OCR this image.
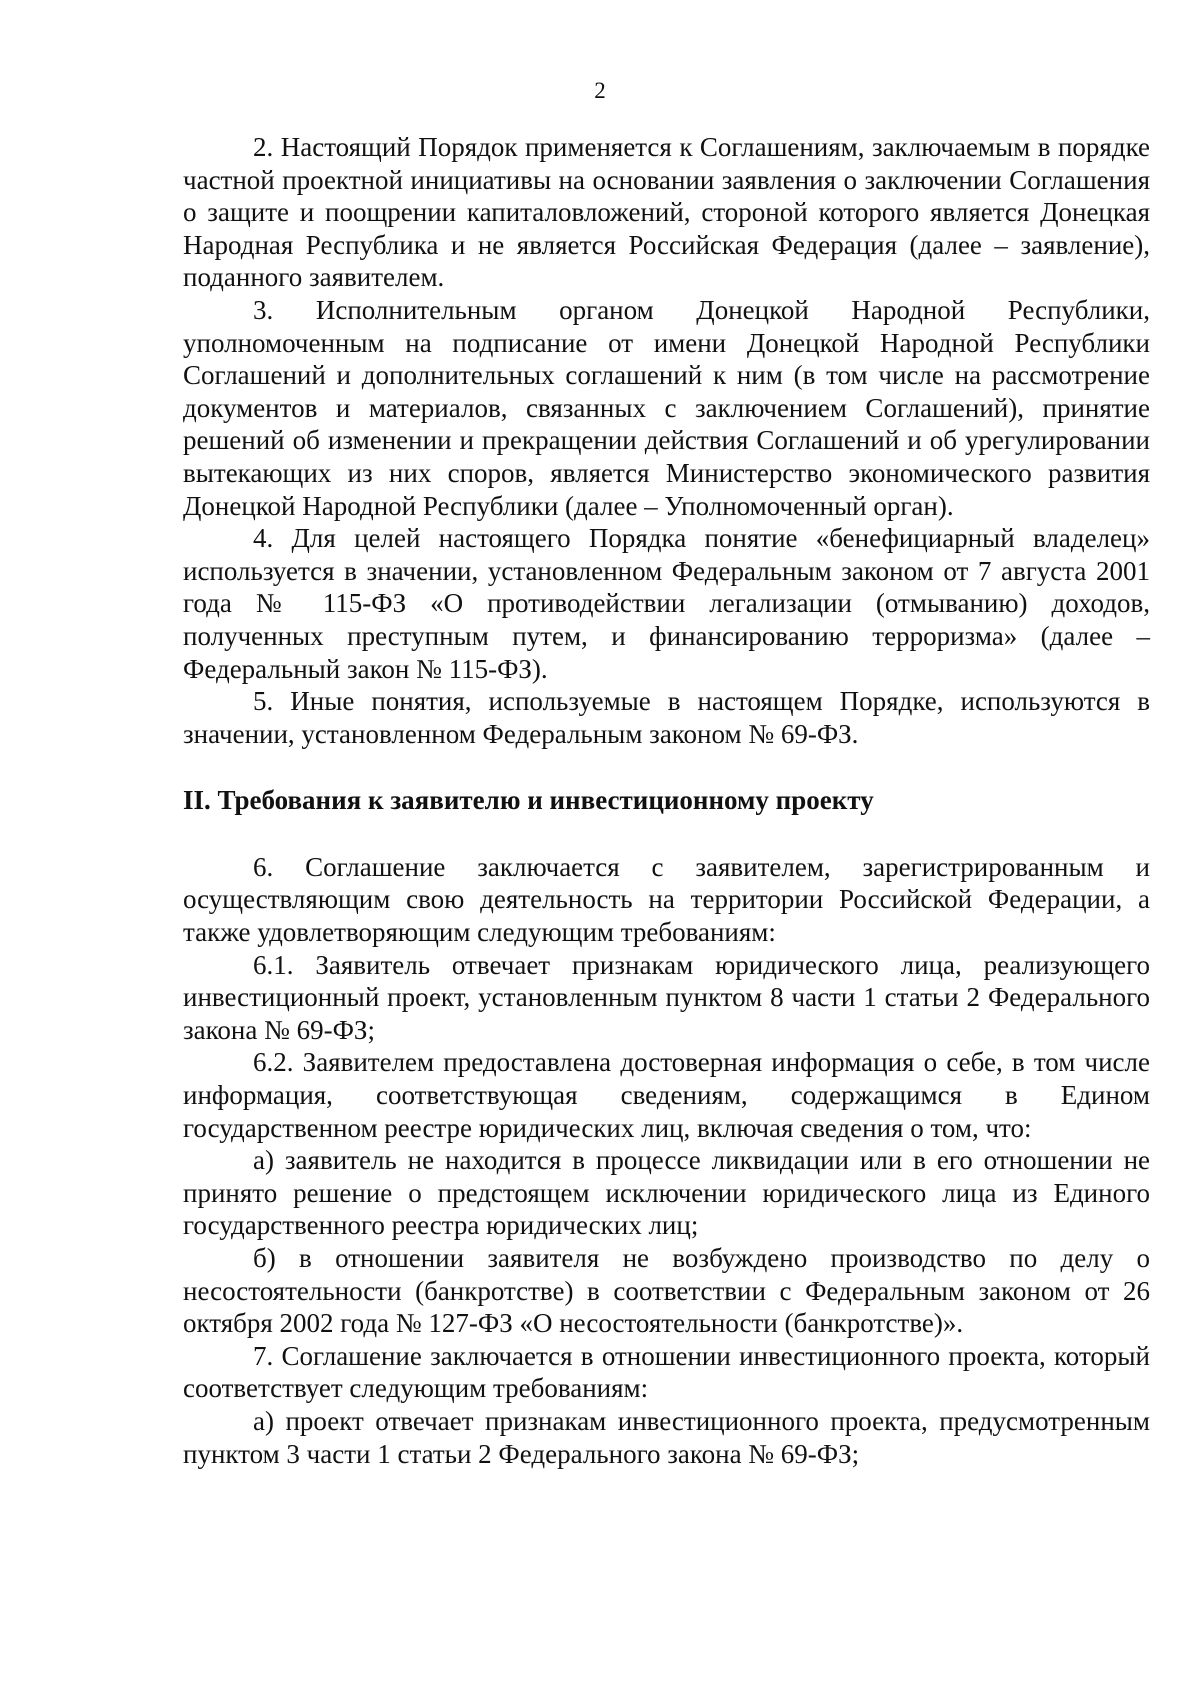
2

2. Настоящий Порядок применяется к Соглашениям, заключаемым в порядке частной проектной инициативы на основании заявления о заключении Соглашения о защите и поощрении капиталовложений, стороной которого является Донецкая Народная Республика и не является Российская Федерация (далее – заявление), поданного заявителем.

3. Исполнительным органом Донецкой Народной Республики, уполномоченным на подписание от имени Донецкой Народной Республики Соглашений и дополнительных соглашений к ним (в том числе на рассмотрение документов и материалов, связанных с заключением Соглашений), принятие решений об изменении и прекращении действия Соглашений и об урегулировании вытекающих из них споров, является Министерство экономического развития Донецкой Народной Республики (далее – Уполномоченный орган).

4. Для целей настоящего Порядка понятие «бенефициарный владелец» используется в значении, установленном Федеральным законом от 7 августа 2001 года № 115-ФЗ «О противодействии легализации (отмыванию) доходов, полученных преступным путем, и финансированию терроризма» (далее – Федеральный закон № 115-ФЗ).

5. Иные понятия, используемые в настоящем Порядке, используются в значении, установленном Федеральным законом № 69-ФЗ.

II. Требования к заявителю и инвестиционному проекту

6. Соглашение заключается с заявителем, зарегистрированным и осуществляющим свою деятельность на территории Российской Федерации, а также удовлетворяющим следующим требованиям:

6.1. Заявитель отвечает признакам юридического лица, реализующего инвестиционный проект, установленным пунктом 8 части 1 статьи 2 Федерального закона № 69-ФЗ;

6.2. Заявителем предоставлена достоверная информация о себе, в том числе информация, соответствующая сведениям, содержащимся в Едином государственном реестре юридических лиц, включая сведения о том, что:

а) заявитель не находится в процессе ликвидации или в его отношении не принято решение о предстоящем исключении юридического лица из Единого государственного реестра юридических лиц;

б) в отношении заявителя не возбуждено производство по делу о несостоятельности (банкротстве) в соответствии с Федеральным законом от 26 октября 2002 года № 127-ФЗ «О несостоятельности (банкротстве)».

7. Соглашение заключается в отношении инвестиционного проекта, который соответствует следующим требованиям:

а) проект отвечает признакам инвестиционного проекта, предусмотренным пунктом 3 части 1 статьи 2 Федерального закона № 69-ФЗ;
